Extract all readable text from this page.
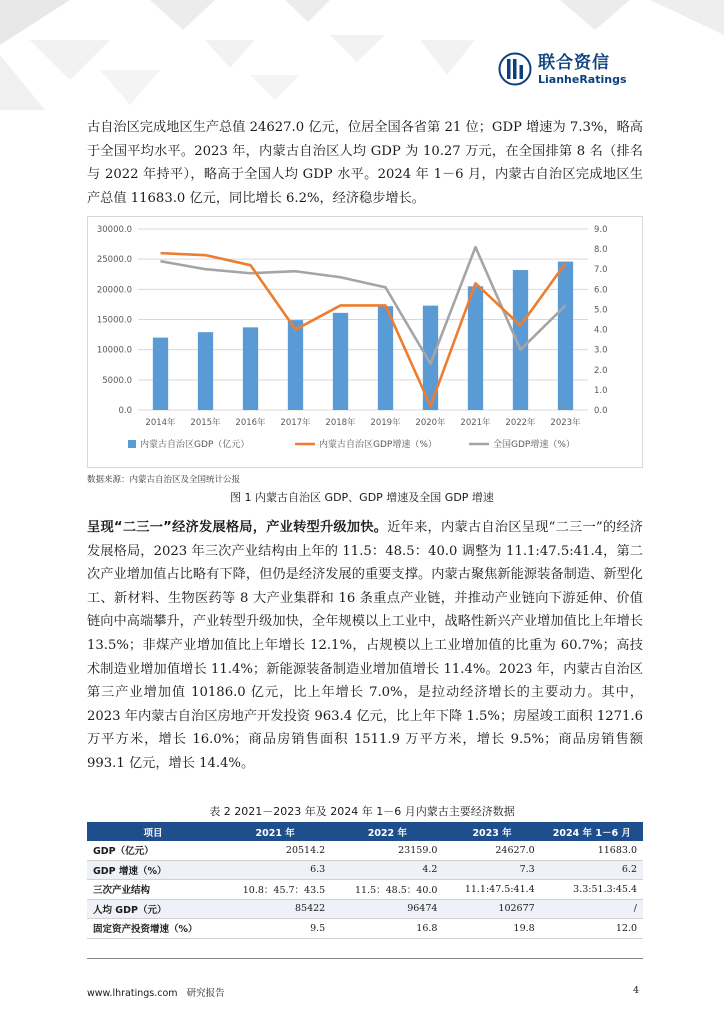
联合资信
LianheRatings

古自治区完成地区生产总值 24627.0 亿元，位居全国各省第 21 位；GDP 增速为 7.3%，略高于全国平均水平。2023 年，内蒙古自治区人均 GDP 为 10.27 万元，在全国排第 8 名（排名与 2022 年持平），略高于全国人均 GDP 水平。2024 年 1－6 月，内蒙古自治区完成地区生产总值 11683.0 亿元，同比增长 6.2%，经济稳步增长。

0.0
5000.0
10000.0
15000.0
20000.0
25000.0
30000.0
0.0
1.0
2.0
3.0
4.0
5.0
6.0
7.0
8.0
9.0
2014年 2015年 2016年 2017年 2018年 2019年 2020年 2021年 2022年 2023年
内蒙古自治区GDP（亿元）	内蒙古自治区GDP增速（%）	全国GDP增速（%）
数据来源：内蒙古自治区及全国统计公报
图 1 内蒙古自治区 GDP、GDP 增速及全国 GDP 增速

呈现“二三一”经济发展格局，产业转型升级加快。近年来，内蒙古自治区呈现“二三一”的经济发展格局，2023 年三次产业结构由上年的 11.5：48.5：40.0 调整为 11.1:47.5:41.4，第二次产业增加值占比略有下降，但仍是经济发展的重要支撑。内蒙古聚焦新能源装备制造、新型化工、新材料、生物医药等 8 大产业集群和 16 条重点产业链，并推动产业链向下游延伸、价值链向中高端攀升，产业转型升级加快，全年规模以上工业中，战略性新兴产业增加值比上年增长 13.5%；非煤产业增加值比上年增长 12.1%，占规模以上工业增加值的比重为 60.7%；高技术制造业增加值增长 11.4%；新能源装备制造业增加值增长 11.4%。2023 年，内蒙古自治区第三产业增加值 10186.0 亿元，比上年增长 7.0%，是拉动经济增长的主要动力。其中，2023 年内蒙古自治区房地产开发投资 963.4 亿元，比上年下降 1.5%；房屋竣工面积 1271.6 万平方米，增长 16.0%；商品房销售面积 1511.9 万平方米，增长 9.5%；商品房销售额 993.1 亿元，增长 14.4%。

表 2 2021－2023 年及 2024 年 1－6 月内蒙古主要经济数据
项目	2021 年	2022 年	2023 年	2024 年 1－6 月
GDP（亿元）	20514.2	23159.0	24627.0	11683.0
GDP 增速（%）	6.3	4.2	7.3	6.2
三次产业结构	10.8：45.7：43.5	11.5：48.5：40.0	11.1:47.5:41.4	3.3:51.3:45.4
人均 GDP（元）	85422	96474	102677	/
固定资产投资增速（%）	9.5	16.8	19.8	12.0
www.lhratings.com 研究报告	4
